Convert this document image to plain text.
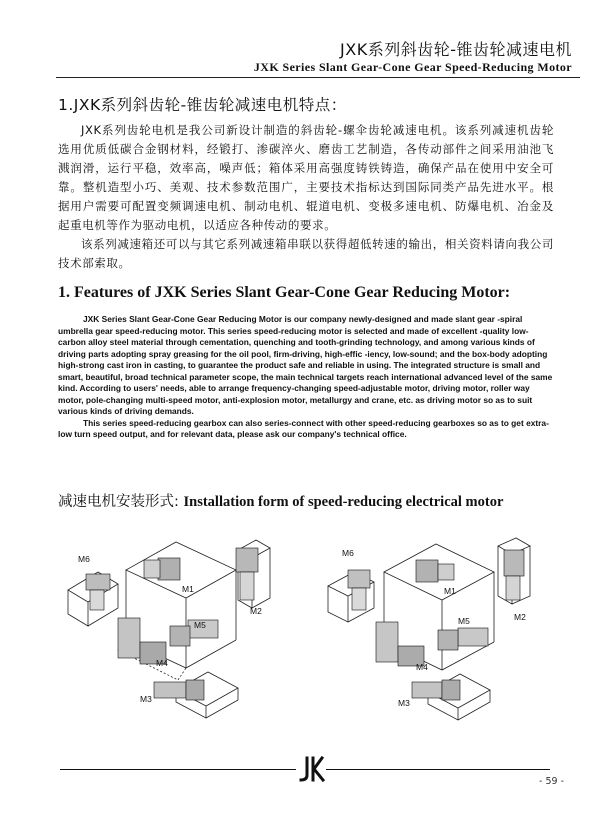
JXK系列斜齿轮-锥齿轮减速电机
JXK Series Slant Gear-Cone Gear Speed-Reducing Motor
1.JXK系列斜齿轮-锥齿轮减速电机特点：

JXK系列齿轮电机是我公司新设计制造的斜齿轮-螺伞齿轮减速电机。该系列减速机齿轮选用优质低碳合金钢材料，经锻打、渗碳淬火、磨齿工艺制造，各传动部件之间采用油池飞溅润滑，运行平稳，效率高，噪声低；箱体采用高强度铸铁铸造，确保产品在使用中安全可靠。整机造型小巧、美观、技术参数范围广，主要技术指标达到国际同类产品先进水平。根据用户需要可配置变频调速电机、制动电机、辊道电机、变极多速电机、防爆电机、冶金及起重电机等作为驱动电机，以适应各种传动的要求。

该系列减速箱还可以与其它系列减速箱串联以获得超低转速的输出，相关资料请向我公司技术部索取。

1. Features of JXK Series Slant Gear-Cone Gear Reducing Motor:

JXK Series Slant Gear-Cone Gear Reducing Motor is our company newly-designed and made slant gear -spiral umbrella gear speed-reducing motor. This series speed-reducing motor is selected and made of excellent -quality low-carbon alloy steel material through cementation, quenching and tooth-grinding technology, and among various kinds of driving parts adopting spray greasing for the oil pool, firm-driving, high-effic -iency, low-sound; and the box-body adopting high-strong cast iron in casting, to guarantee the product safe and reliable in using. The integrated structure is small and smart, beautiful, broad technical parameter scope, the main technical targets reach international advanced level of the same kind. According to users' needs, able to arrange frequency-changing speed-adjustable motor, driving motor, roller way motor, pole-changing multi-speed motor, anti-explosion motor, metallurgy and crane, etc. as driving motor so as to suit various kinds of driving demands.

This series speed-reducing gearbox can also series-connect with other speed-reducing gearboxes so as to get extra-low turn speed output, and for relevant data, please ask our company's technical office.

减速电机安装形式: Installation form of speed-reducing electrical motor
M6
M1
M2
M5
M4
M3
M6
M1
M2
M5
M4
M3
- 59 -
